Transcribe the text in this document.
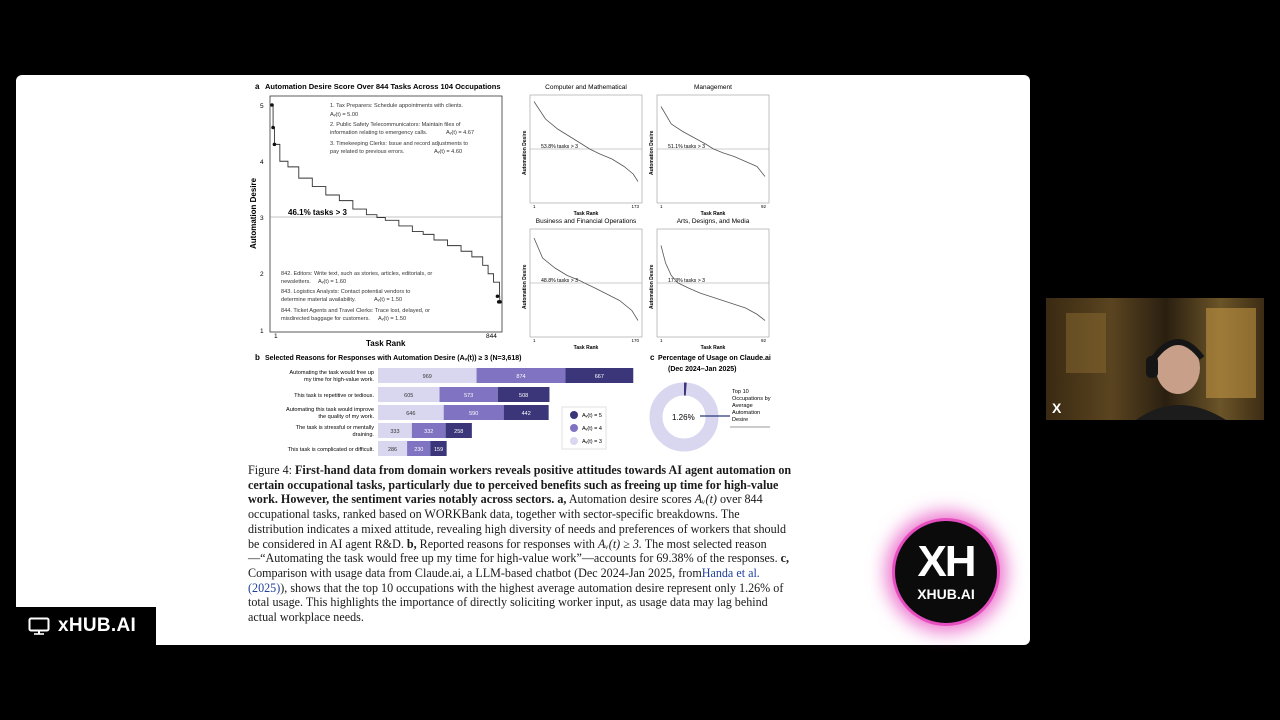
a Automation Desire Score Over 844 Tasks Across 104 Occupations
Automation Desire
Task Rank
5
4
3
2
1
1	844
46.1% tasks > 3
1. Tax Preparers: Schedule appointments with clients.
Aᵥ(t) = 5.00
2. Public Safety Telecommunicators: Maintain files of
information relating to emergency calls.	Aᵥ(t) = 4.67
3. Timekeeping Clerks: Issue and record adjustments to
pay related to previous errors.	Aᵥ(t) = 4.60
842. Editors: Write text, such as stories, articles, editorials, or
newsletters. Aᵥ(t) = 1.60
843. Logistics Analysts: Contact potential vendors to
determine material availability.	Aᵥ(t) = 1.50
844. Ticket Agents and Travel Clerks: Trace lost, delayed, or
misdirected baggage for customers. Aᵥ(t) = 1.50
Computer and Mathematical
Automation Desire
Task Rank
1	173
53.8% tasks > 3
Management
Automation Desire
Task Rank
1	92
51.1% tasks > 3
Business and Financial Operations
Automation Desire
Task Rank
1	170
48.8% tasks > 3
Arts, Designs, and Media
Automation Desire
Task Rank
1	92
17.3% tasks > 3
b Selected Reasons for Responses with Automation Desire (Aᵥ(t)) ≥ 3 (N=3,618)
Automating the task would free up
my time for high-value work.	969	874	667
This task is repetitive or tedious.	605	573	508
Automating this task would improve
the quality of my work.	646	590	442
The task is stressful or mentally
draining.	333	332	258
This task is complicated or difficult.	286	230 159
Aᵥ(t) = 5
Aᵥ(t) = 4
Aᵥ(t) = 3
c Percentage of Usage on Claude.ai
(Dec 2024–Jan 2025)
1.26%
Top 10
Occupations by
Average
Automation
Desire
Figure 4: First-hand data from domain workers reveals positive attitudes towards AI agent automation on certain occupational tasks, particularly due to perceived benefits such as freeing up time for high-value work. However, the sentiment varies notably across sectors. a, Automation desire scores Aᵥ(t) over 844 occupational tasks, ranked based on WORKBank data, together with sector-specific breakdowns. The distribution indicates a mixed attitude, revealing high diversity of needs and preferences of workers that should be considered in AI agent R&D. b, Reported reasons for responses with Aᵥ(t) ≥ 3. The most selected reason—“Automating the task would free up my time for high-value work”—accounts for 69.38% of the responses. c, Comparison with usage data from Claude.ai, a LLM-based chatbot (Dec 2024-Jan 2025, fromHanda et al. (2025)), shows that the top 10 occupations with the highest average automation desire represent only 1.26% of total usage. This highlights the importance of directly soliciting worker input, as usage data may lag behind actual workplace needs.
xHUB.AI
X
XH
XHUB.AI
